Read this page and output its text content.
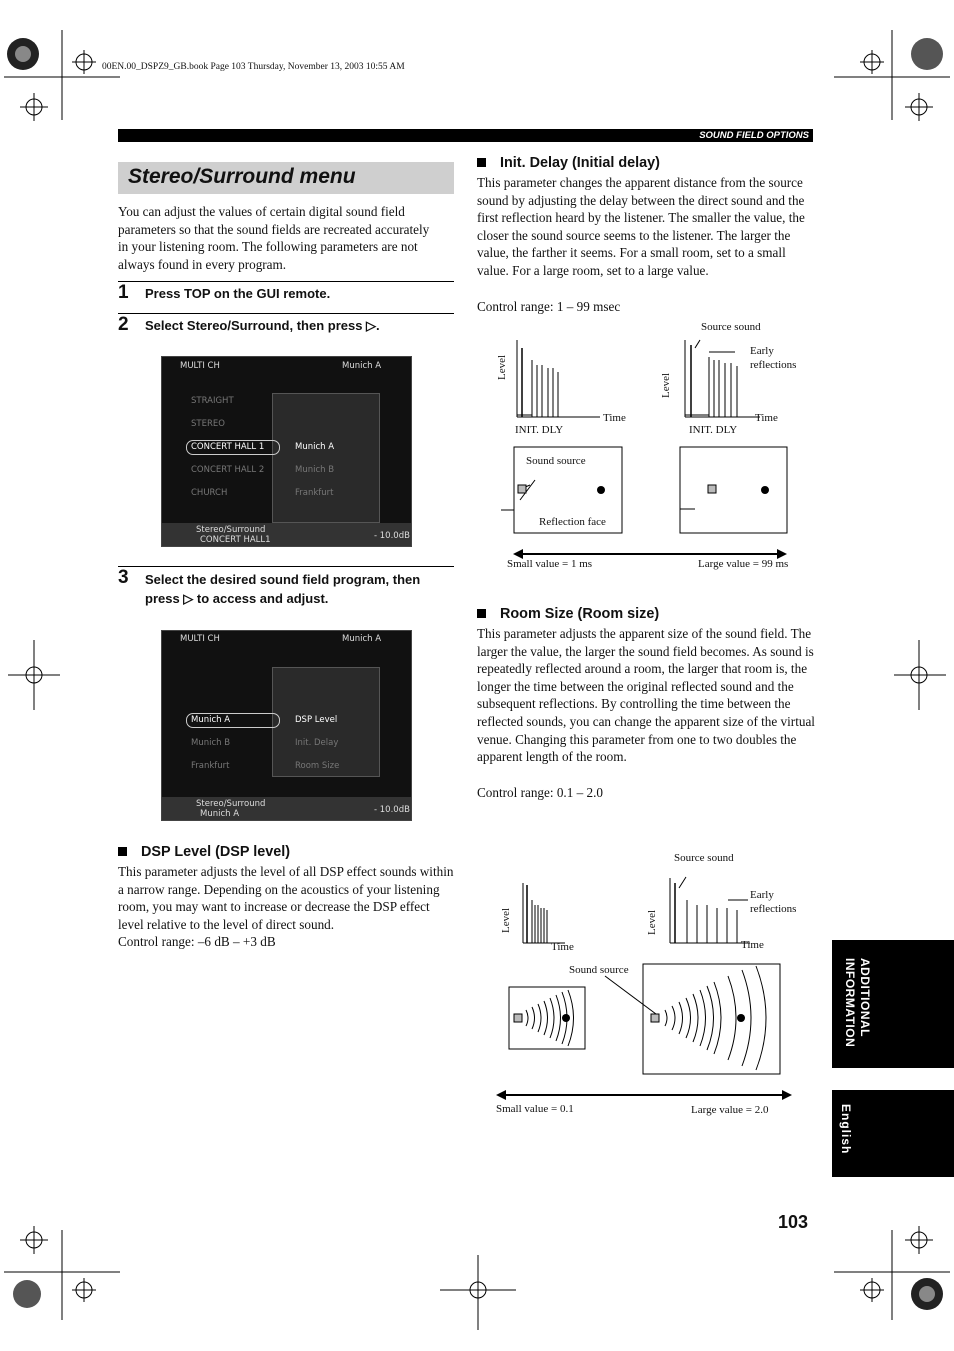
00EN.00_DSPZ9_GB.book Page 103 Thursday, November 13, 2003 10:55 AM
SOUND FIELD OPTIONS
Stereo/Surround menu
You can adjust the values of certain digital sound field parameters so that the sound fields are recreated accurately in your listening room. The following parameters are not always found in every program.
1 Press TOP on the GUI remote.
2 Select Stereo/Surround, then press ▷.
MULTI CH	Munich A
STRAIGHT
STEREO
CONCERT HALL 1
CONCERT HALL 2
CHURCH
Munich A
Munich B
Frankfurt
Stereo/Surround
CONCERT HALL1	- 10.0dB
3 Select the desired sound field program, then press ▷ to access and adjust.
MULTI CH	Munich A
Munich A
Munich B
Frankfurt
DSP Level
Init. Delay
Room Size
Stereo/Surround
Munich A	- 10.0dB
DSP Level (DSP level)
This parameter adjusts the level of all DSP effect sounds within a narrow range. Depending on the acoustics of your listening room, you may want to increase or decrease the DSP effect level relative to the level of direct sound.
Control range: –6 dB – +3 dB
Init. Delay (Initial delay)
This parameter changes the apparent distance from the source sound by adjusting the delay between the direct sound and the first reflection heard by the listener. The smaller the value, the closer the sound source seems to the listener. The larger the value, the farther it seems. For a small room, set to a small value. For a large room, set to a large value.
Control range: 1 – 99 msec
Source sound
Early reflections
Level
Level
Time	Time
INIT. DLY	INIT. DLY
Sound source
Reflection face
Small value = 1 ms	Large value = 99 ms
Room Size (Room size)
This parameter adjusts the apparent size of the sound field. The larger the value, the larger the sound field becomes. As sound is repeatedly reflected around a room, the larger that room is, the longer the time between the original reflected sound and the subsequent reflections. By controlling the time between the reflected sounds, you can change the apparent size of the virtual venue. Changing this parameter from one to two doubles the apparent length of the room.
Control range: 0.1 – 2.0
Source sound
Early reflections
Level	Level
Time	Time
Sound source
Small value = 0.1	Large value = 2.0
ADDITIONAL INFORMATION
English
103
